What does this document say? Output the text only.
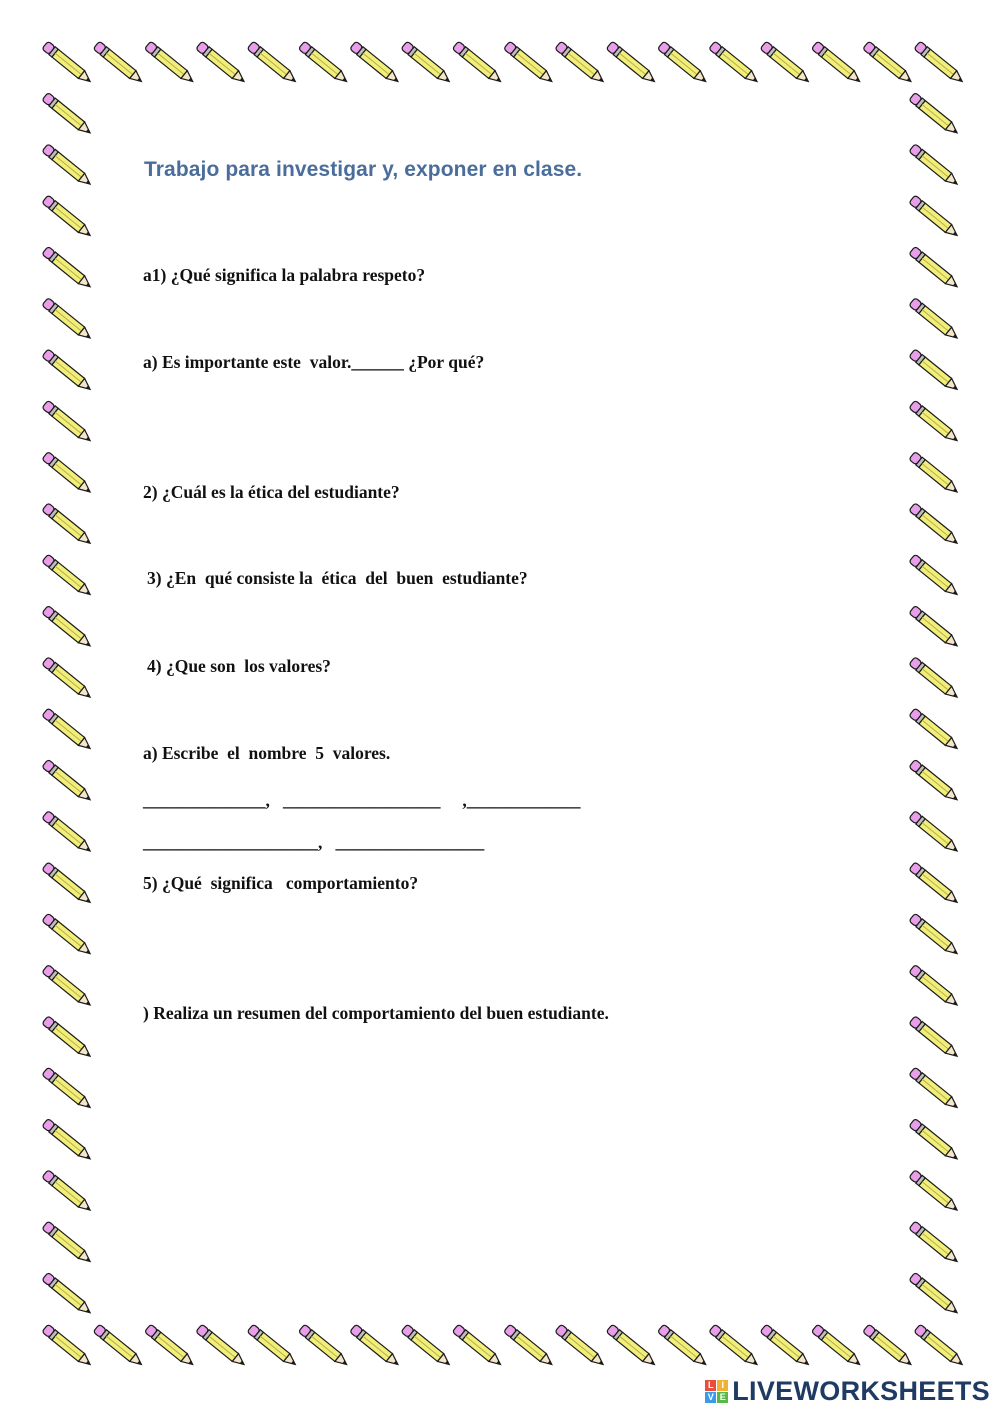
Trabajo para investigar y, exponer en clase.
a1) ¿Qué significa la palabra respeto?
a) Es importante este  valor.______ ¿Por qué?
2) ¿Cuál es la ética del estudiante?
3) ¿En  qué consiste la  ética  del  buen  estudiante?
4) ¿Que son  los valores?
a) Escribe  el  nombre  5  valores.
______________,   __________________     ,_____________
____________________,   _________________
5) ¿Qué  significa   comportamiento?
) Realiza un resumen del comportamiento del buen estudiante.
L I
V E LIVEWORKSHEETS
